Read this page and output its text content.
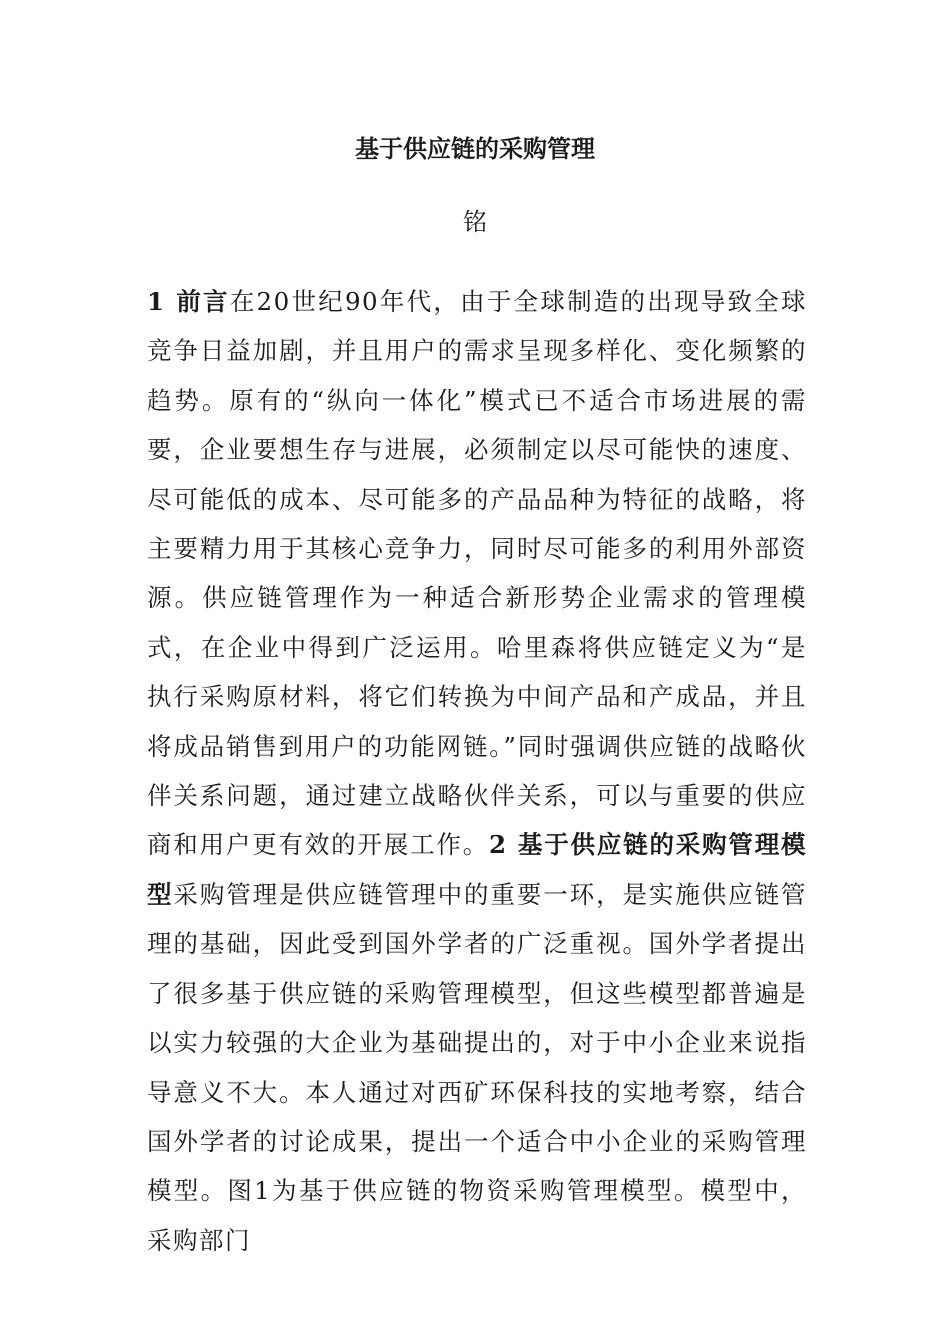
基于供应链的采购管理

铭

1 前言在20世纪90年代，由于全球制造的出现导致全球竞争日益加剧，并且用户的需求呈现多样化、变化频繁的趋势。原有的“纵向一体化”模式已不适合市场进展的需要，企业要想生存与进展，必须制定以尽可能快的速度、尽可能低的成本、尽可能多的产品品种为特征的战略，将主要精力用于其核心竞争力，同时尽可能多的利用外部资源。供应链管理作为一种适合新形势企业需求的管理模式，在企业中得到广泛运用。哈里森将供应链定义为“是执行采购原材料，将它们转换为中间产品和产成品，并且将成品销售到用户的功能网链。”同时强调供应链的战略伙伴关系问题，通过建立战略伙伴关系，可以与重要的供应商和用户更有效的开展工作。2 基于供应链的采购管理模型采购管理是供应链管理中的重要一环，是实施供应链管理的基础，因此受到国外学者的广泛重视。国外学者提出了很多基于供应链的采购管理模型，但这些模型都普遍是以实力较强的大企业为基础提出的，对于中小企业来说指导意义不大。本人通过对西矿环保科技的实地考察，结合国外学者的讨论成果，提出一个适合中小企业的采购管理模型。图1为基于供应链的物资采购管理模型。模型中，采购部门
